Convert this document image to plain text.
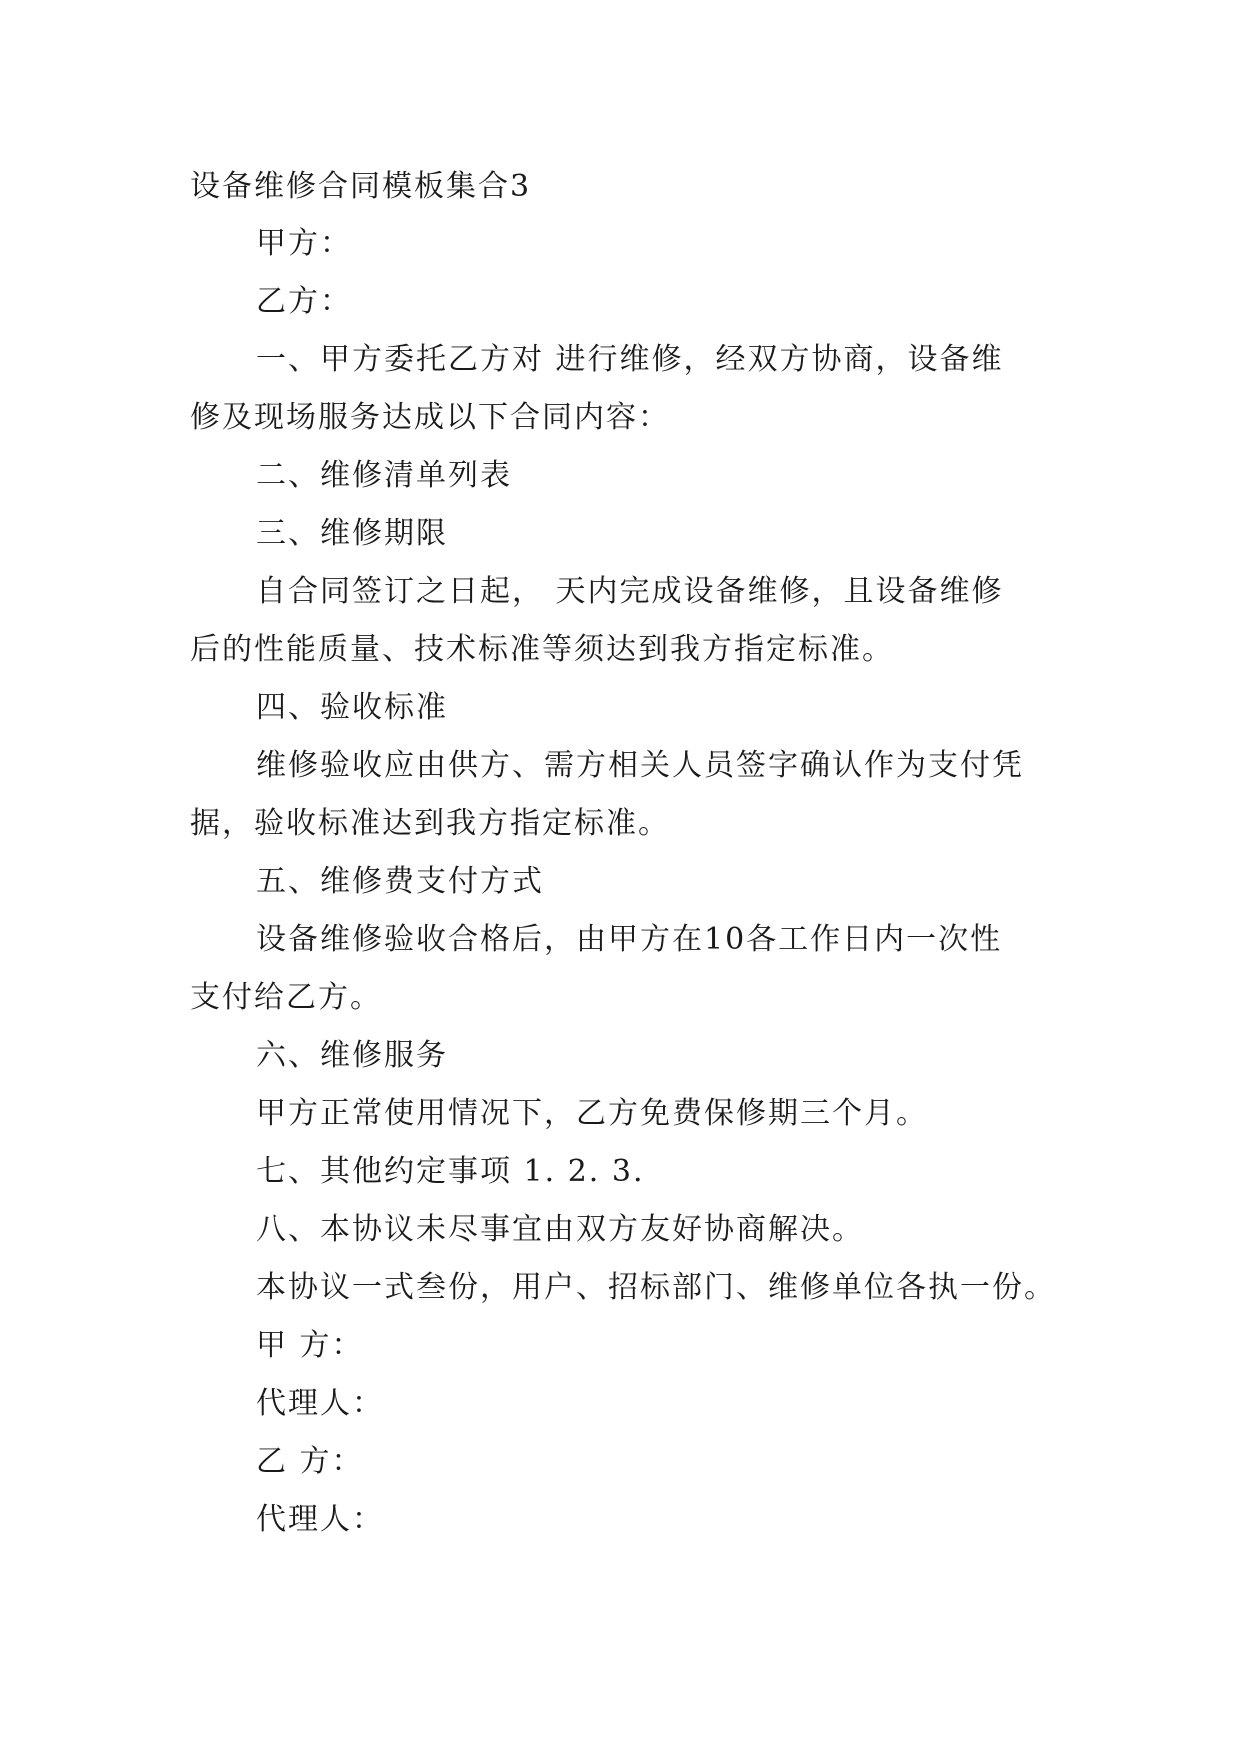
设备维修合同模板集合3

甲方：

乙方：

一、甲方委托乙方对 进行维修，经双方协商，设备维

修及现场服务达成以下合同内容：

二、维修清单列表

三、维修期限

自合同签订之日起， 天内完成设备维修，且设备维修

后的性能质量、技术标准等须达到我方指定标准。

四、验收标准

维修验收应由供方、需方相关人员签字确认作为支付凭

据，验收标准达到我方指定标准。

五、维修费支付方式

设备维修验收合格后，由甲方在10各工作日内一次性

支付给乙方。

六、维修服务

甲方正常使用情况下，乙方免费保修期三个月。

七、其他约定事项 1. 2. 3.

八、本协议未尽事宜由双方友好协商解决。

本协议一式叁份，用户、招标部门、维修单位各执一份。

甲 方：

代理人：

乙 方：

代理人：
